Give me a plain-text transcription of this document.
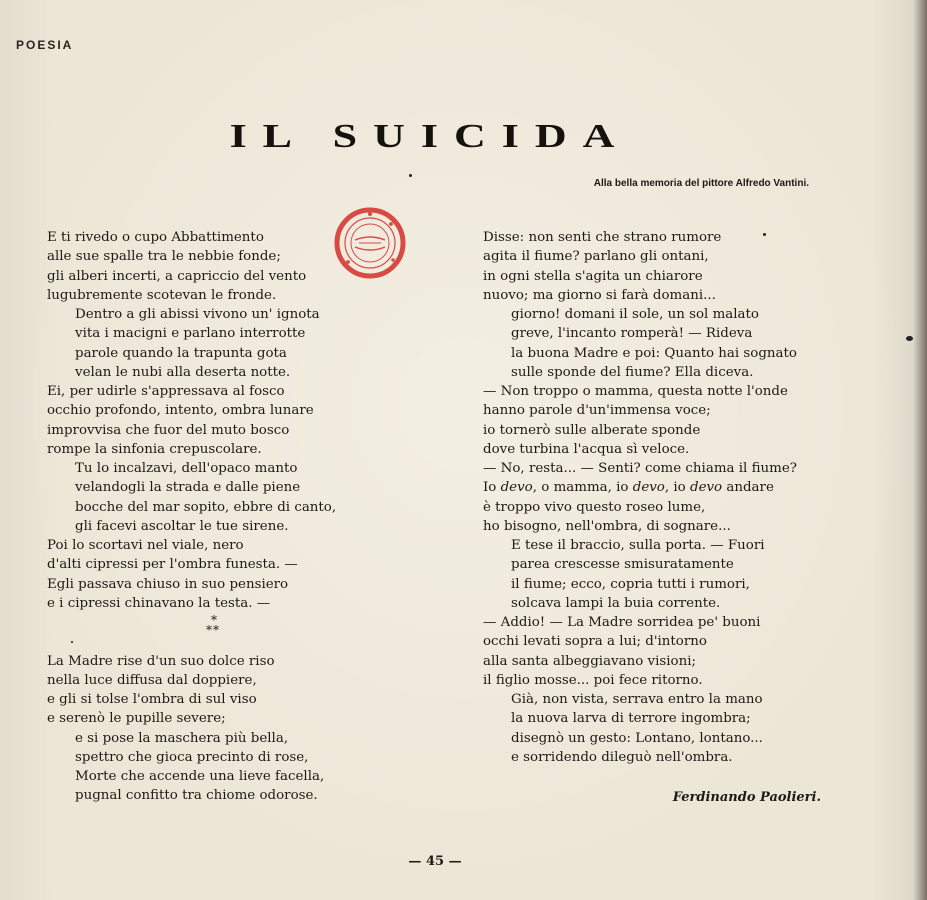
POESIA
IL SUICIDA
Alla bella memoria del pittore Alfredo Vantini.
E ti rivedo o cupo Abbattimento
alle sue spalle tra le nebbie fonde;
gli alberi incerti, a capriccio del vento
lugubremente scotevan le fronde.
Dentro a gli abissi vivono un' ignota
vita i macigni e parlano interrotte
parole quando la trapunta gota
velan le nubi alla deserta notte.
Ei, per udirle s'appressava al fosco
occhio profondo, intento, ombra lunare
improvvisa che fuor del muto bosco
rompe la sinfonia crepuscolare.
Tu lo incalzavi, dell'opaco manto
velandogli la strada e dalle piene
bocche del mar sopito, ebbre di canto,
gli facevi ascoltar le tue sirene.
Poi lo scortavi nel viale, nero
d'alti cipressi per l'ombra funesta. —
Egli passava chiuso in suo pensiero
e i cipressi chinavano la testa. —
*
**
La Madre rise d'un suo dolce riso
nella luce diffusa dal doppiere,
e gli si tolse l'ombra di sul viso
e serenò le pupille severe;
e si pose la maschera più bella,
spettro che gioca precinto di rose,
Morte che accende una lieve facella,
pugnal confitto tra chiome odorose.
Disse: non senti che strano rumore
agita il fiume? parlano gli ontani,
in ogni stella s'agita un chiarore
nuovo; ma giorno si farà domani...
giorno! domani il sole, un sol malato
greve, l'incanto romperà! — Rideva
la buona Madre e poi: Quanto hai sognato
sulle sponde del fiume? Ella diceva.
— Non troppo o mamma, questa notte l'onde
hanno parole d'un'immensa voce;
io tornerò sulle alberate sponde
dove turbina l'acqua sì veloce.
— No, resta... — Senti? come chiama il fiume?
Io devo, o mamma, io devo, io devo andare
è troppo vivo questo roseo lume,
ho bisogno, nell'ombra, di sognare...
E tese il braccio, sulla porta. — Fuori
parea crescesse smisuratamente
il fiume; ecco, copria tutti i rumori,
solcava lampi la buia corrente.
— Addio! — La Madre sorridea pe' buoni
occhi levati sopra a lui; d'intorno
alla santa albeggiavano visioni;
il figlio mosse... poi fece ritorno.
Già, non vista, serrava entro la mano
la nuova larva di terrore ingombra;
disegnò un gesto: Lontano, lontano...
e sorridendo dileguò nell'ombra.
Ferdinando Paolieri.
— 45 —
